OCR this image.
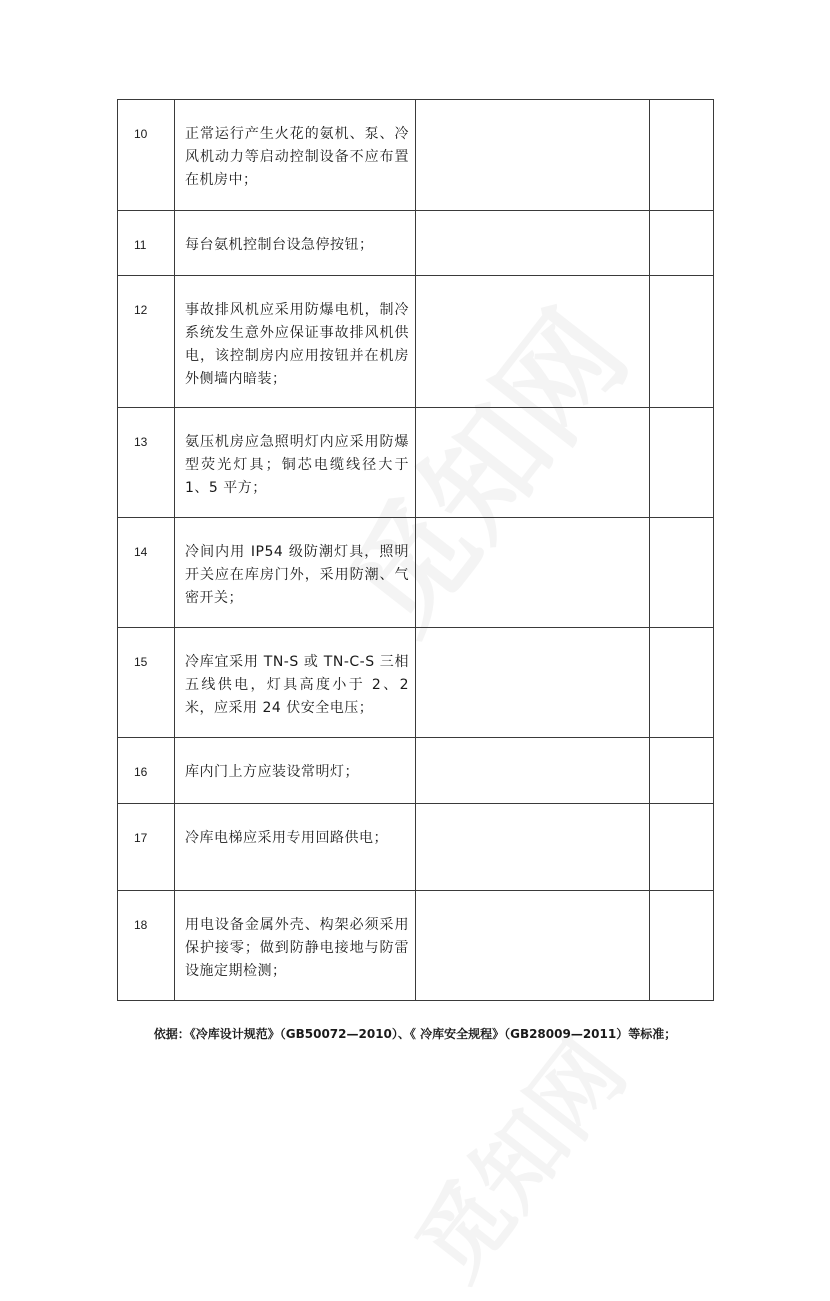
10	正常运行产生火花的氨机、泵、冷风机动力等启动控制设备不应布置在机房中；		
11	每台氨机控制台设急停按钮；		
12	事故排风机应采用防爆电机，制冷系统发生意外应保证事故排风机供电，该控制房内应用按钮并在机房外侧墙内暗装；		
13	氨压机房应急照明灯内应采用防爆型荧光灯具；铜芯电缆线径大于 1、5 平方；		
14	冷间内用 IP54 级防潮灯具，照明开关应在库房门外，采用防潮、气密开关；		
15	冷库宜采用 TN-S 或 TN-C-S 三相五线供电，灯具高度小于 2、2 米，应采用 24 伏安全电压；		
16	库内门上方应装设常明灯；		
17	冷库电梯应采用专用回路供电；		
18	用电设备金属外壳、构架必须采用保护接零；做到防静电接地与防雷设施定期检测；		
依据：《冷库设计规范》（GB50072—2010）、《 冷库安全规程》（GB28009—2011）等标准；
